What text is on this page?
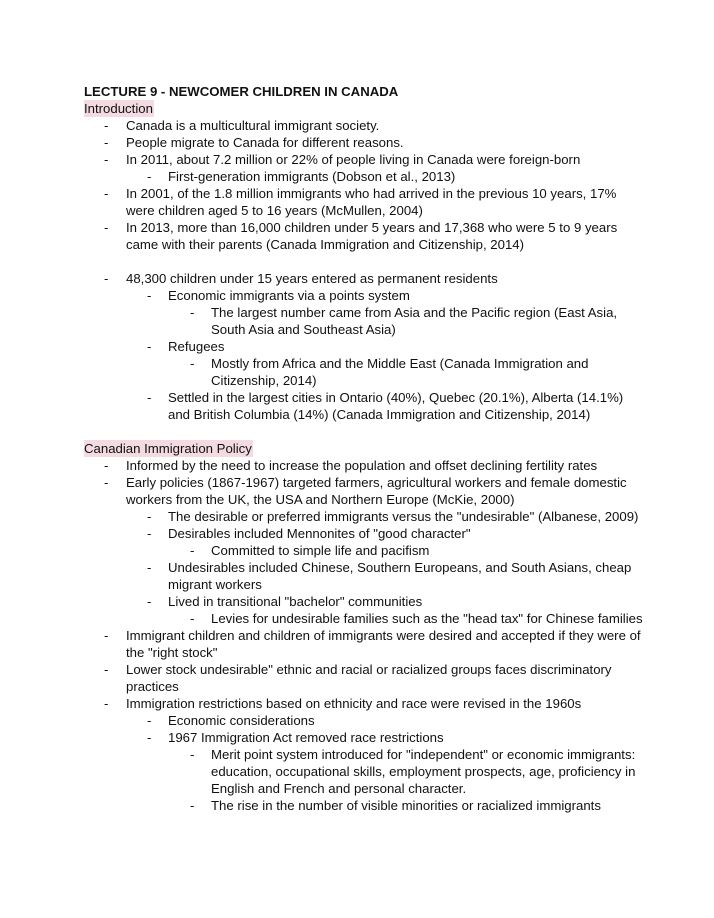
LECTURE 9 - NEWCOMER CHILDREN IN CANADA
Introduction
- Canada is a multicultural immigrant society.
- People migrate to Canada for different reasons.
- In 2011, about 7.2 million or 22% of people living in Canada were foreign-born
- First-generation immigrants (Dobson et al., 2013)
- In 2001, of the 1.8 million immigrants who had arrived in the previous 10 years, 17% were children aged 5 to 16 years (McMullen, 2004)
- In 2013, more than 16,000 children under 5 years and 17,368 who were 5 to 9 years came with their parents (Canada Immigration and Citizenship, 2014)
- 48,300 children under 15 years entered as permanent residents
- Economic immigrants via a points system
- The largest number came from Asia and the Pacific region (East Asia, South Asia and Southeast Asia)
- Refugees
- Mostly from Africa and the Middle East (Canada Immigration and Citizenship, 2014)
- Settled in the largest cities in Ontario (40%), Quebec (20.1%), Alberta (14.1%) and British Columbia (14%) (Canada Immigration and Citizenship, 2014)
Canadian Immigration Policy
- Informed by the need to increase the population and offset declining fertility rates
- Early policies (1867-1967) targeted farmers, agricultural workers and female domestic workers from the UK, the USA and Northern Europe (McKie, 2000)
- The desirable or preferred immigrants versus the "undesirable" (Albanese, 2009)
- Desirables included Mennonites of "good character"
- Committed to simple life and pacifism
- Undesirables included Chinese, Southern Europeans, and South Asians, cheap migrant workers
- Lived in transitional "bachelor" communities
- Levies for undesirable families such as the "head tax" for Chinese families
- Immigrant children and children of immigrants were desired and accepted if they were of the "right stock"
- Lower stock undesirable" ethnic and racial or racialized groups faces discriminatory practices
- Immigration restrictions based on ethnicity and race were revised in the 1960s
- Economic considerations
- 1967 Immigration Act removed race restrictions
- Merit point system introduced for "independent" or economic immigrants: education, occupational skills, employment prospects, age, proficiency in English and French and personal character.
- The rise in the number of visible minorities or racialized immigrants
